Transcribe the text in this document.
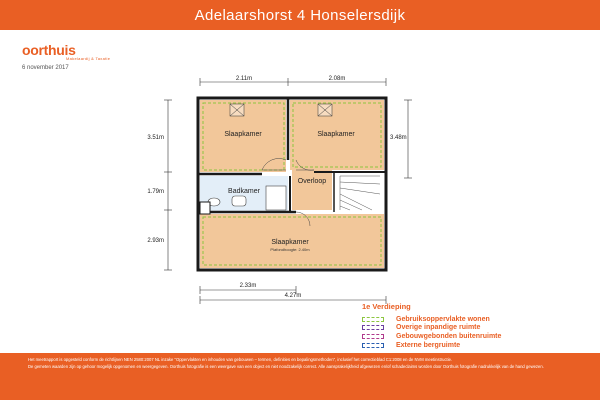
Adelaarshorst 4 Honselersdijk
oorthuis
Makelaardij & Taxatie
6 november 2017
2.11m	2.08m
3.51m
1.79m
2.93m
3.48m
2.33m
4.27m
Slaapkamer	Slaapkamer
Overloop
Badkamer
Slaapkamer
Plafondhoogte: 2.40m
1e Verdieping
Gebruiksoppervlakte wonen
Overige inpandige ruimte
Gebouwgebonden buitenruimte
Externe bergruimte

Het meetrapport is opgesteld conform de richtlijnen NEN 2580:2007 NL inzake "Oppervlakten en inhouden van gebouwen – termen, definities en bepalingsmethoden", inclusief het correctieblad C1:2008 en de NVM meetinstructie.

De gemeten waarden zijn op gehoor mogelijk opgenomen en weergegeven. Oorthuis fotografie is een weergave van een object en niet noodzakelijk correct. Alle aansprakelijkheid afgewezen en/of schadeclaims worden door Oorthuis fotografie nadrukkelijk van de hand gewezen.
